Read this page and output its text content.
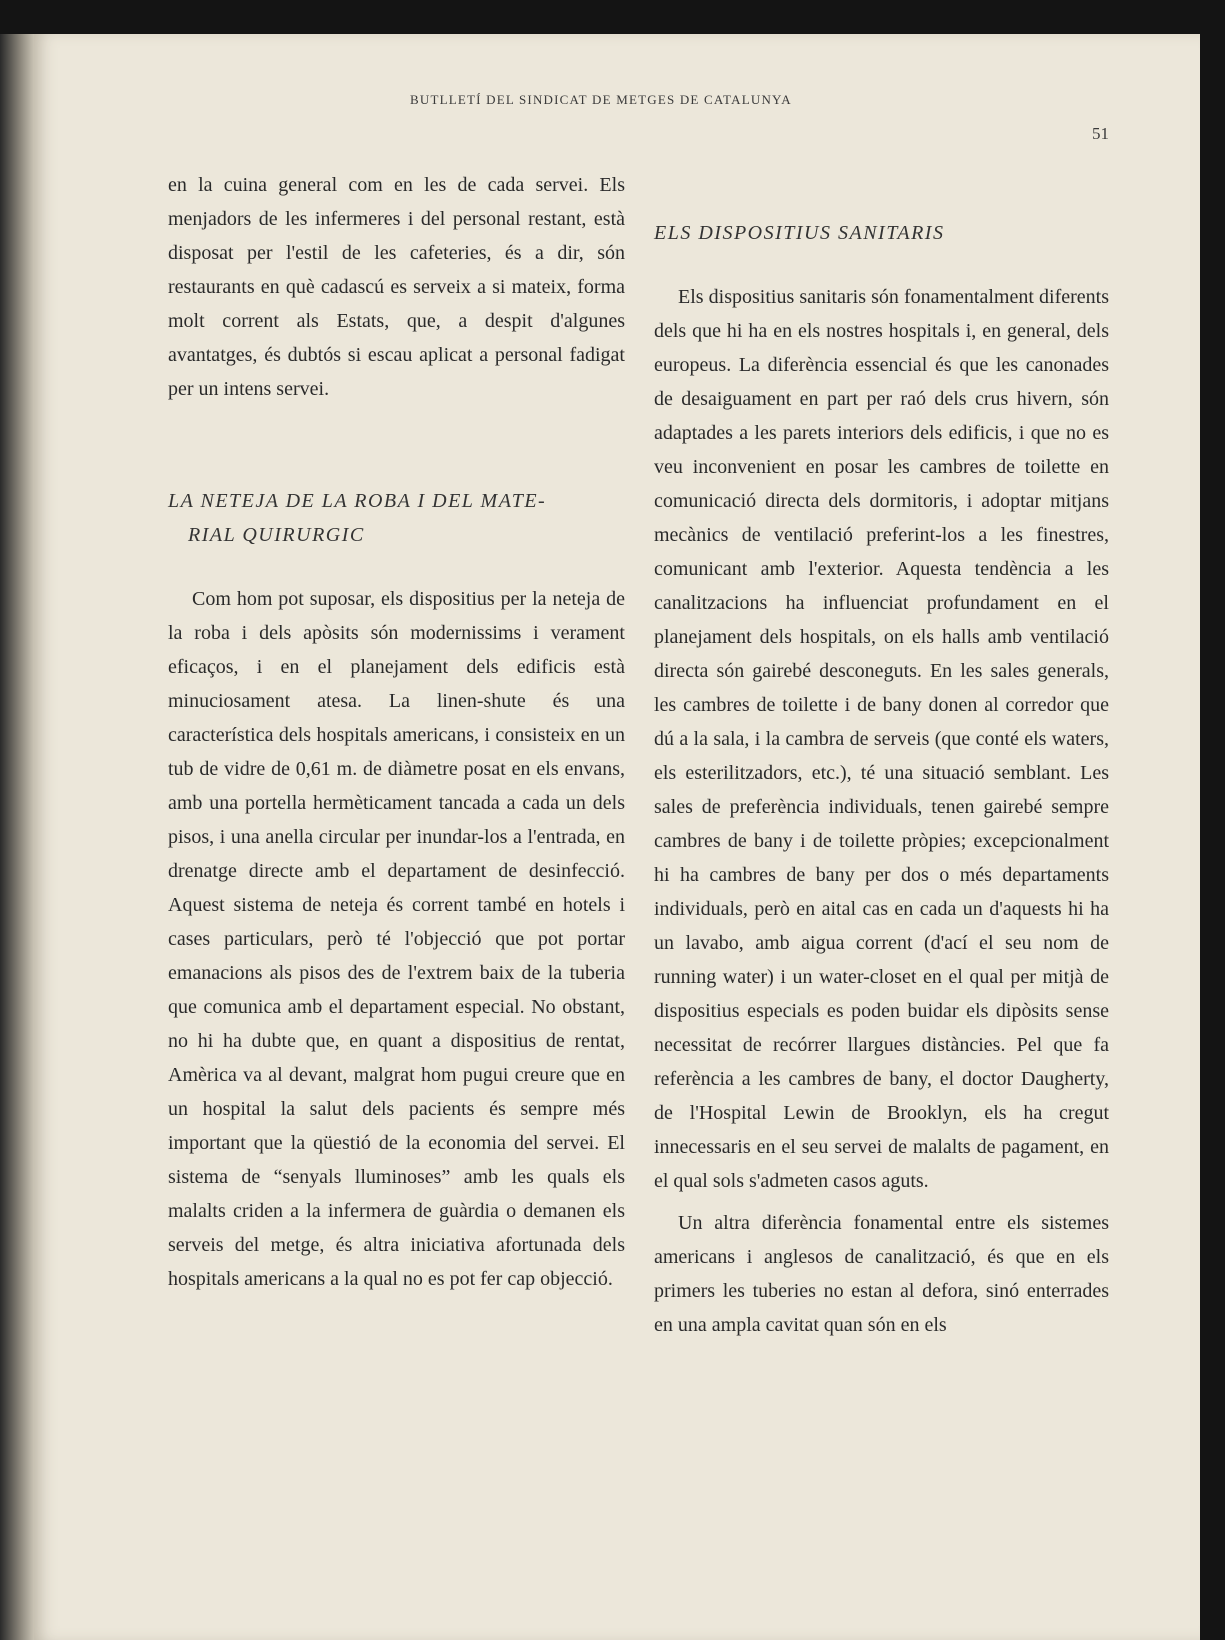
BUTLLETÍ DEL SINDICAT DE METGES DE CATALUNYA
51

en la cuina general com en les de cada servei. Els menjadors de les infermeres i del personal restant, està disposat per l'estil de les cafeteries, és a dir, són restaurants en què cadascú es serveix a si mateix, forma molt corrent als Estats, que, a despit d'algunes avantatges, és dubtós si escau aplicat a personal fadigat per un intens servei.

LA NETEJA DE LA ROBA I DEL MATE-
RIAL QUIRURGIC

Com hom pot suposar, els dispositius per la neteja de la roba i dels apòsits són modernissims i verament eficaços, i en el planejament dels edificis està minuciosament atesa. La linen-shute és una característica dels hospitals americans, i consisteix en un tub de vidre de 0,61 m. de diàmetre posat en els envans, amb una portella hermèticament tancada a cada un dels pisos, i una anella circular per inundar-los a l'entrada, en drenatge directe amb el departament de desinfecció. Aquest sistema de neteja és corrent també en hotels i cases particulars, però té l'objecció que pot portar emanacions als pisos des de l'extrem baix de la tuberia que comunica amb el departament especial. No obstant, no hi ha dubte que, en quant a dispositius de rentat, Amèrica va al devant, malgrat hom pugui creure que en un hospital la salut dels pacients és sempre més important que la qüestió de la economia del servei. El sistema de “senyals lluminoses” amb les quals els malalts criden a la infermera de guàrdia o demanen els serveis del metge, és altra iniciativa afortunada dels hospitals americans a la qual no es pot fer cap objecció.

ELS DISPOSITIUS SANITARIS

Els dispositius sanitaris són fonamentalment diferents dels que hi ha en els nostres hospitals i, en general, dels europeus. La diferència essencial és que les canonades de desaiguament en part per raó dels crus hivern, són adaptades a les parets interiors dels edificis, i que no es veu inconvenient en posar les cambres de toilette en comunicació directa dels dormitoris, i adoptar mitjans mecànics de ventilació preferint-los a les finestres, comunicant amb l'exterior. Aquesta tendència a les canalitzacions ha influenciat profundament en el planejament dels hospitals, on els halls amb ventilació directa són gairebé desconeguts. En les sales generals, les cambres de toilette i de bany donen al corredor que dú a la sala, i la cambra de serveis (que conté els waters, els esterilitzadors, etc.), té una situació semblant. Les sales de preferència individuals, tenen gairebé sempre cambres de bany i de toilette pròpies; excepcionalment hi ha cambres de bany per dos o més departaments individuals, però en aital cas en cada un d'aquests hi ha un lavabo, amb aigua corrent (d'ací el seu nom de running water) i un water-closet en el qual per mitjà de dispositius especials es poden buidar els dipòsits sense necessitat de recórrer llargues distàncies. Pel que fa referència a les cambres de bany, el doctor Daugherty, de l'Hospital Lewin de Brooklyn, els ha cregut innecessaris en el seu servei de malalts de pagament, en el qual sols s'admeten casos aguts.

Un altra diferència fonamental entre els sistemes americans i anglesos de canalització, és que en els primers les tuberies no estan al defora, sinó enterrades en una ampla cavitat quan són en els
